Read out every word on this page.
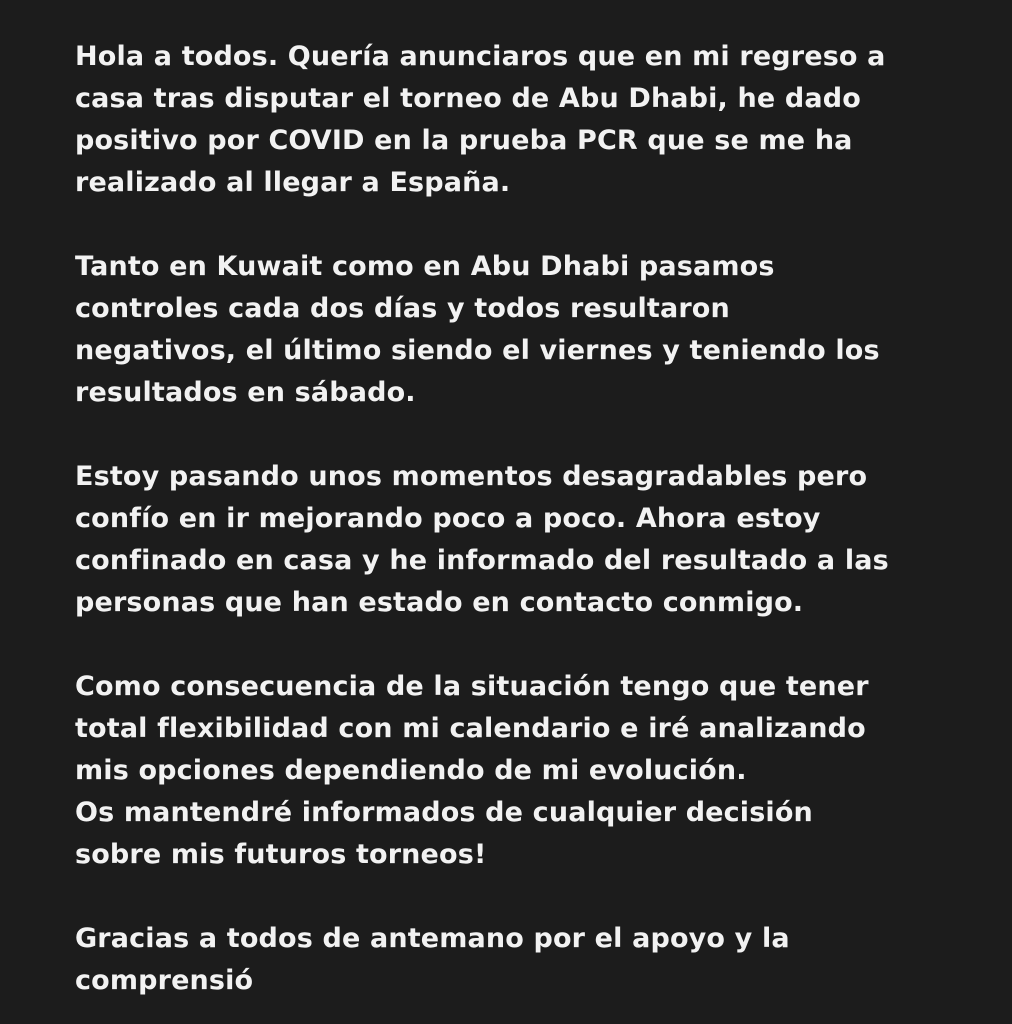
Hola a todos. Quería anunciaros que en mi regreso a
casa tras disputar el torneo de Abu Dhabi, he dado
positivo por COVID en la prueba PCR que se me ha
realizado al llegar a España.
Tanto en Kuwait como en Abu Dhabi pasamos
controles cada dos días y todos resultaron
negativos, el último siendo el viernes y teniendo los
resultados en sábado.
Estoy pasando unos momentos desagradables pero
confío en ir mejorando poco a poco. Ahora estoy
confinado en casa y he informado del resultado a las
personas que han estado en contacto conmigo.
Como consecuencia de la situación tengo que tener
total flexibilidad con mi calendario e iré analizando
mis opciones dependiendo de mi evolución.
Os mantendré informados de cualquier decisión
sobre mis futuros torneos!
Gracias a todos de antemano por el apoyo y la
comprensió
